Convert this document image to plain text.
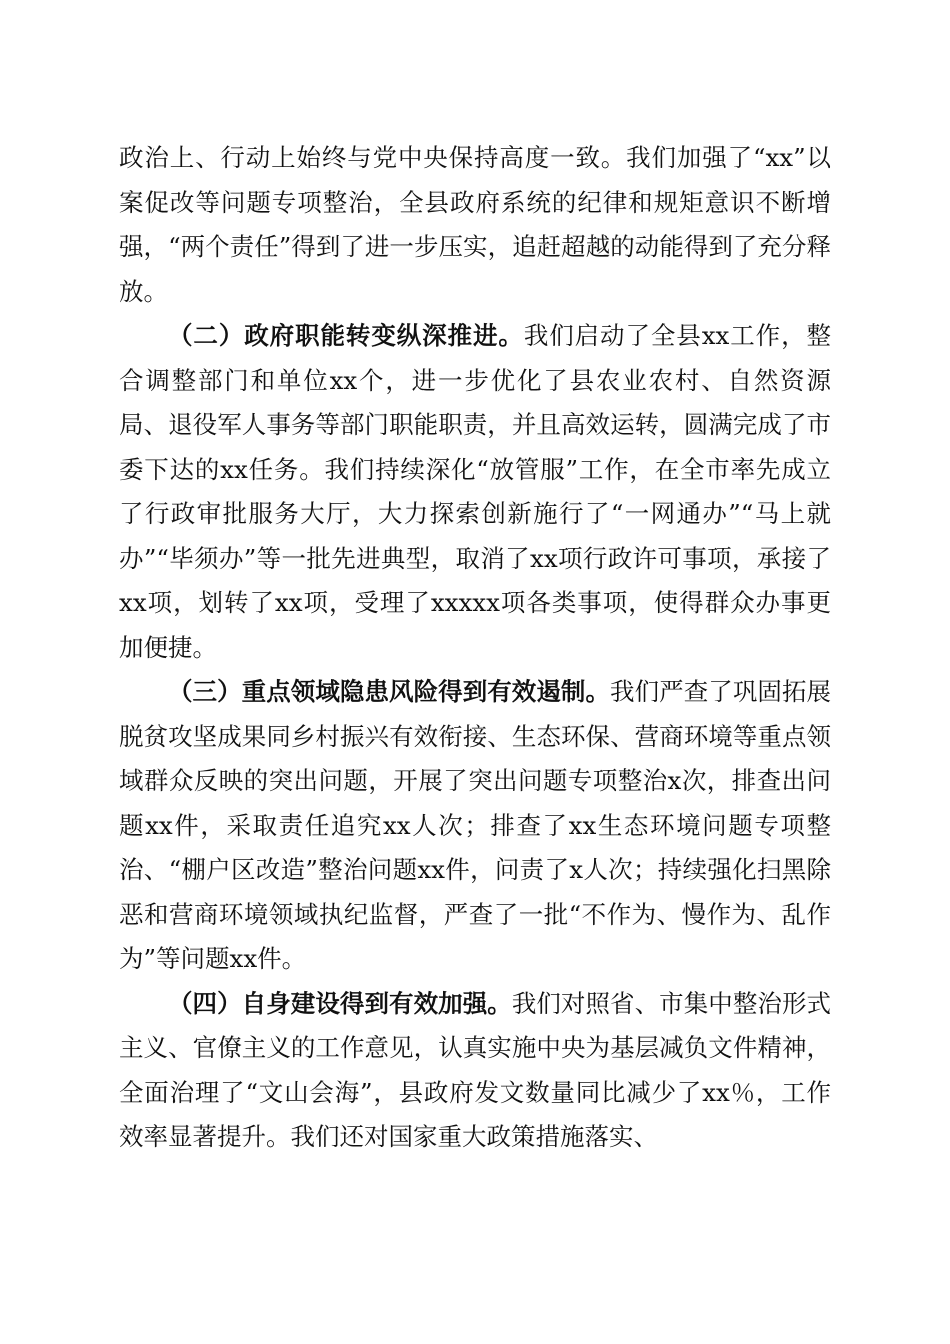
政治上、行动上始终与党中央保持高度一致。我们加强了“xx”以案促改等问题专项整治，全县政府系统的纪律和规矩意识不断增强，“两个责任”得到了进一步压实，追赶超越的动能得到了充分释放。

（二）政府职能转变纵深推进。我们启动了全县xx工作，整合调整部门和单位xx个，进一步优化了县农业农村、自然资源局、退役军人事务等部门职能职责，并且高效运转，圆满完成了市委下达的xx任务。我们持续深化“放管服”工作，在全市率先成立了行政审批服务大厅，大力探索创新施行了“一网通办”“马上就办”“毕须办”等一批先进典型，取消了xx项行政许可事项，承接了xx项，划转了xx项，受理了xxxxx项各类事项，使得群众办事更加便捷。

（三）重点领域隐患风险得到有效遏制。我们严查了巩固拓展脱贫攻坚成果同乡村振兴有效衔接、生态环保、营商环境等重点领域群众反映的突出问题，开展了突出问题专项整治x次，排查出问题xx件，采取责任追究xx人次；排查了xx生态环境问题专项整治、“棚户区改造”整治问题xx件，问责了x人次；持续强化扫黑除恶和营商环境领域执纪监督，严查了一批“不作为、慢作为、乱作为”等问题xx件。

（四）自身建设得到有效加强。我们对照省、市集中整治形式主义、官僚主义的工作意见，认真实施中央为基层减负文件精神，全面治理了“文山会海”，县政府发文数量同比减少了xx％，工作效率显著提升。我们还对国家重大政策措施落实、
